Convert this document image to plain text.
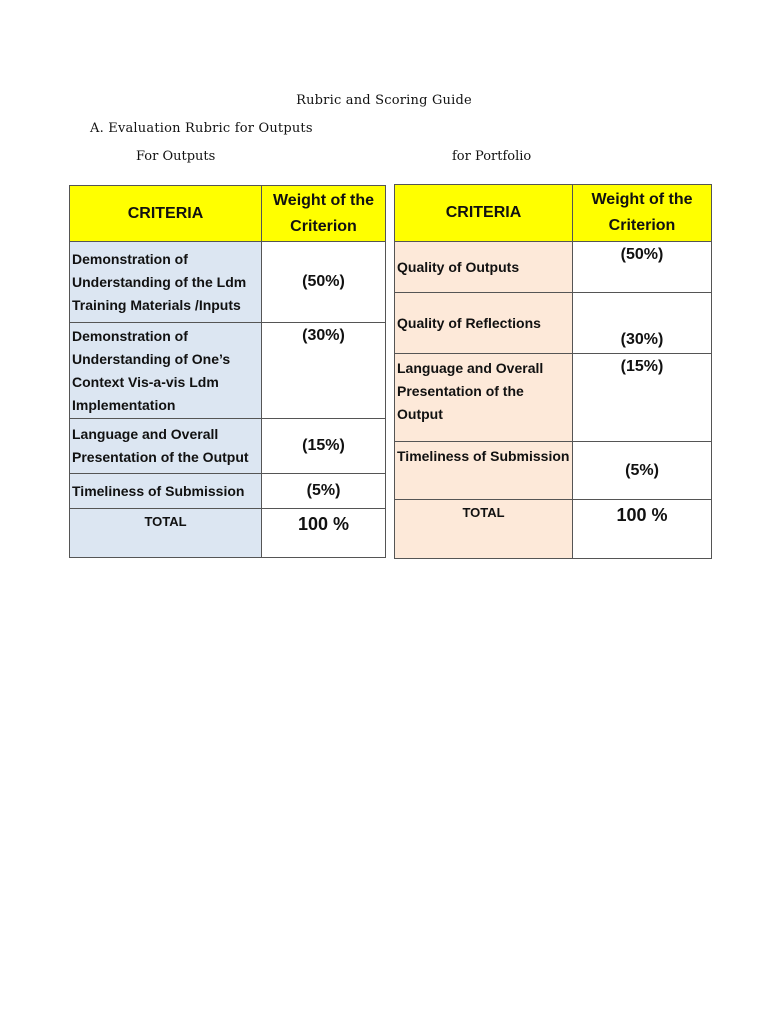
Rubric and Scoring Guide
A. Evaluation Rubric for Outputs
For Outputs	for Portfolio
CRITERIA	Weight of the Criterion
Demonstration of Understanding of the Ldm Training Materials /Inputs	(50%)
Demonstration of Understanding of One’s Context Vis-a-vis Ldm Implementation	(30%)
Language and Overall Presentation of the Output	(15%)
Timeliness of Submission	(5%)
TOTAL	100 %
CRITERIA	Weight of the Criterion
Quality of Outputs	(50%)
Quality of Reflections	(30%)
Language and Overall Presentation of the Output	(15%)
Timeliness of Submission	(5%)
TOTAL	100 %
